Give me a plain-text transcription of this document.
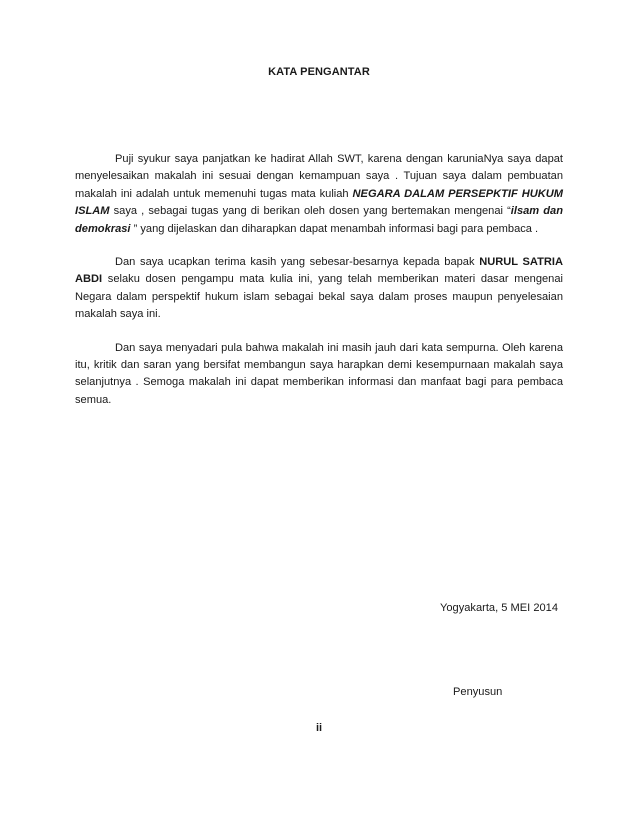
KATA PENGANTAR

Puji syukur saya panjatkan ke hadirat Allah SWT, karena dengan karuniaNya saya dapat menyelesaikan makalah ini sesuai dengan kemampuan saya . Tujuan saya dalam pembuatan makalah ini adalah untuk memenuhi tugas mata kuliah NEGARA DALAM PERSEPKTIF HUKUM ISLAM saya , sebagai tugas yang di berikan oleh dosen yang bertemakan mengenai “ilsam dan demokrasi ” yang dijelaskan dan diharapkan dapat menambah informasi bagi para pembaca .

Dan saya ucapkan terima kasih yang sebesar-besarnya kepada bapak NURUL SATRIA ABDI selaku dosen pengampu mata kulia ini, yang telah memberikan materi dasar mengenai Negara dalam perspektif hukum islam sebagai bekal saya dalam proses maupun penyelesaian makalah saya ini.

Dan saya menyadari pula bahwa makalah ini masih jauh dari kata sempurna. Oleh karena itu, kritik dan saran yang bersifat membangun saya harapkan demi kesempurnaan makalah saya selanjutnya . Semoga makalah ini dapat memberikan informasi dan manfaat bagi para pembaca semua.

Yogyakarta, 5 MEI 2014
Penyusun
ii
